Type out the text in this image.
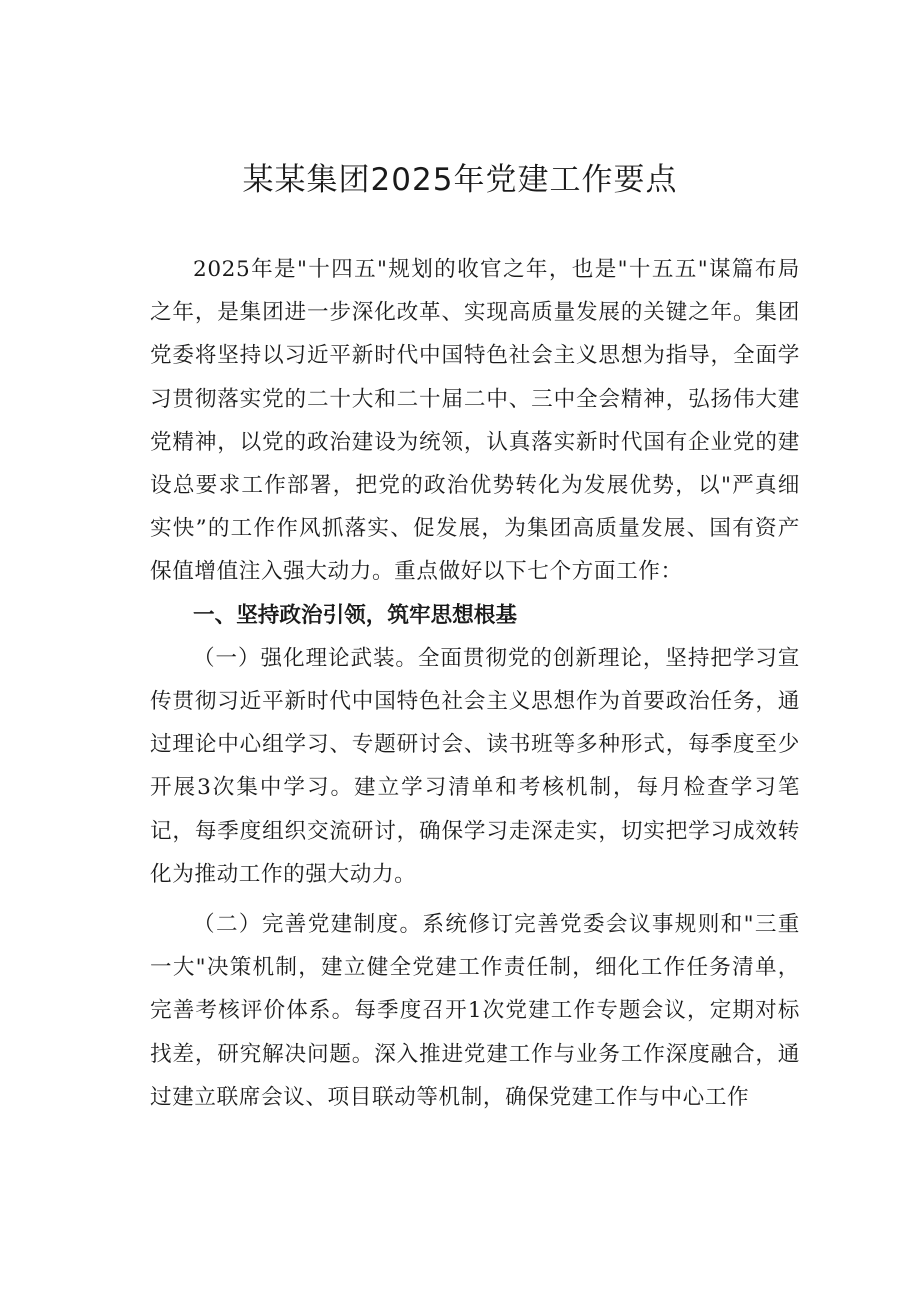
某某集团2025年党建工作要点

2025年是"十四五"规划的收官之年，也是"十五五"谋篇布局之年，是集团进一步深化改革、实现高质量发展的关键之年。集团党委将坚持以习近平新时代中国特色社会主义思想为指导，全面学习贯彻落实党的二十大和二十届二中、三中全会精神，弘扬伟大建党精神，以党的政治建设为统领，认真落实新时代国有企业党的建设总要求工作部署，把党的政治优势转化为发展优势，以"严真细实快”的工作作风抓落实、促发展，为集团高质量发展、国有资产保值增值注入强大动力。重点做好以下七个方面工作：

一、坚持政治引领，筑牢思想根基

（一）强化理论武装。全面贯彻党的创新理论，坚持把学习宣传贯彻习近平新时代中国特色社会主义思想作为首要政治任务，通过理论中心组学习、专题研讨会、读书班等多种形式，每季度至少开展3次集中学习。建立学习清单和考核机制，每月检查学习笔记，每季度组织交流研讨，确保学习走深走实，切实把学习成效转化为推动工作的强大动力。

（二）完善党建制度。系统修订完善党委会议事规则和"三重一大"决策机制，建立健全党建工作责任制，细化工作任务清单，完善考核评价体系。每季度召开1次党建工作专题会议，定期对标找差，研究解决问题。深入推进党建工作与业务工作深度融合，通过建立联席会议、项目联动等机制，确保党建工作与中心工作
